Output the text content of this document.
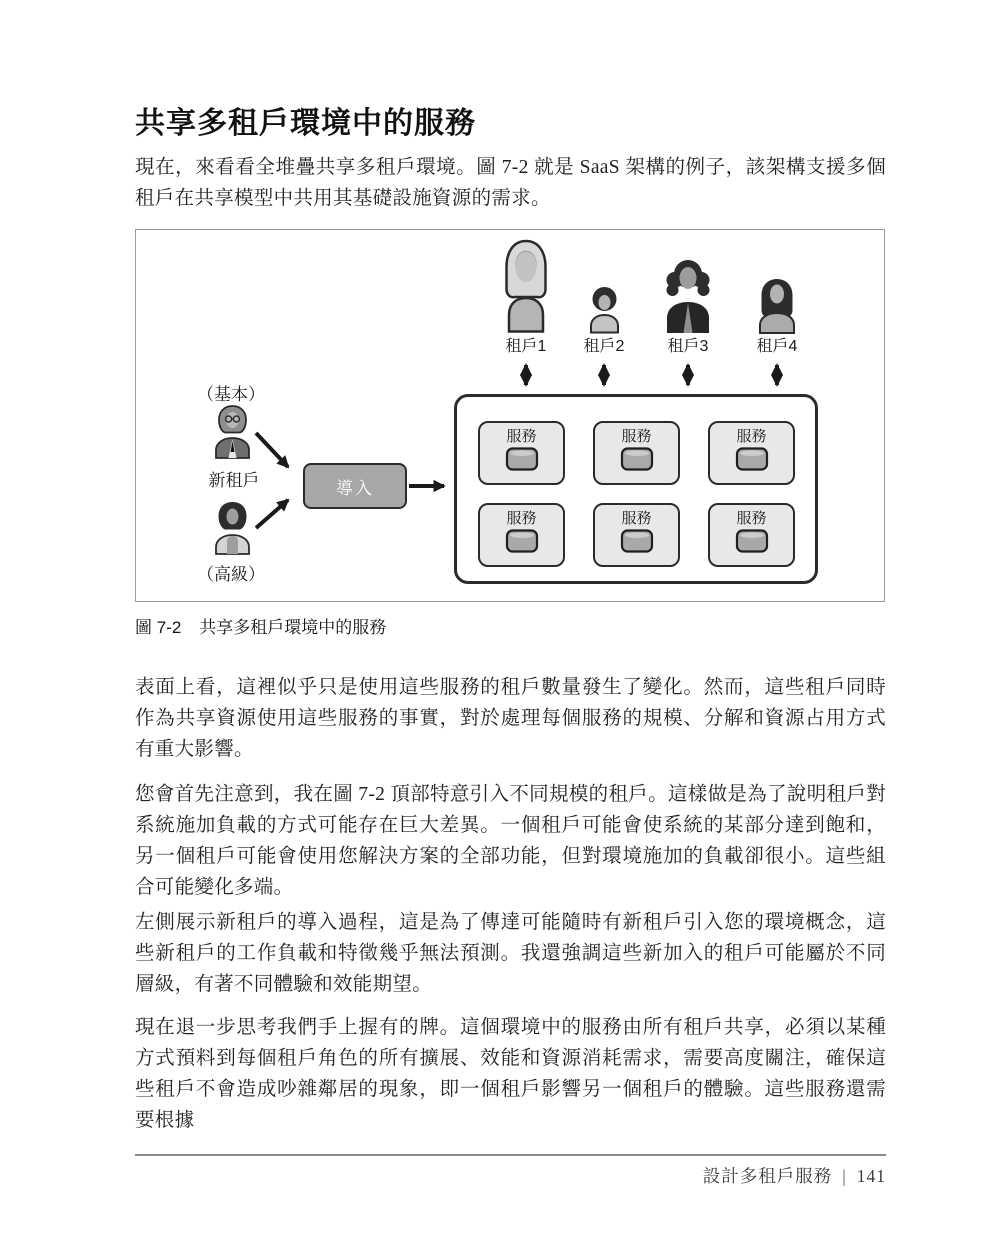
共享多租戶環境中的服務

現在，來看看全堆疊共享多租戶環境。圖 7-2 就是 SaaS 架構的例子，該架構支援多個租戶在共享模型中共用其基礎設施資源的需求。

租戶1	租戶2	租戶3	租戶4
（基本）
新租戶
（高級）
導入
服務	服務	服務
服務	服務	服務
圖 7-2 共享多租戶環境中的服務

表面上看，這裡似乎只是使用這些服務的租戶數量發生了變化。然而，這些租戶同時作為共享資源使用這些服務的事實，對於處理每個服務的規模、分解和資源占用方式有重大影響。

您會首先注意到，我在圖 7-2 頂部特意引入不同規模的租戶。這樣做是為了說明租戶對系統施加負載的方式可能存在巨大差異。一個租戶可能會使系統的某部分達到飽和，另一個租戶可能會使用您解決方案的全部功能，但對環境施加的負載卻很小。這些組合可能變化多端。

左側展示新租戶的導入過程，這是為了傳達可能隨時有新租戶引入您的環境概念，這些新租戶的工作負載和特徵幾乎無法預測。我還強調這些新加入的租戶可能屬於不同層級，有著不同體驗和效能期望。

現在退一步思考我們手上握有的牌。這個環境中的服務由所有租戶共享，必須以某種方式預料到每個租戶角色的所有擴展、效能和資源消耗需求，需要高度關注，確保這些租戶不會造成吵雜鄰居的現象，即一個租戶影響另一個租戶的體驗。這些服務還需要根據

設計多租戶服務 | 141
